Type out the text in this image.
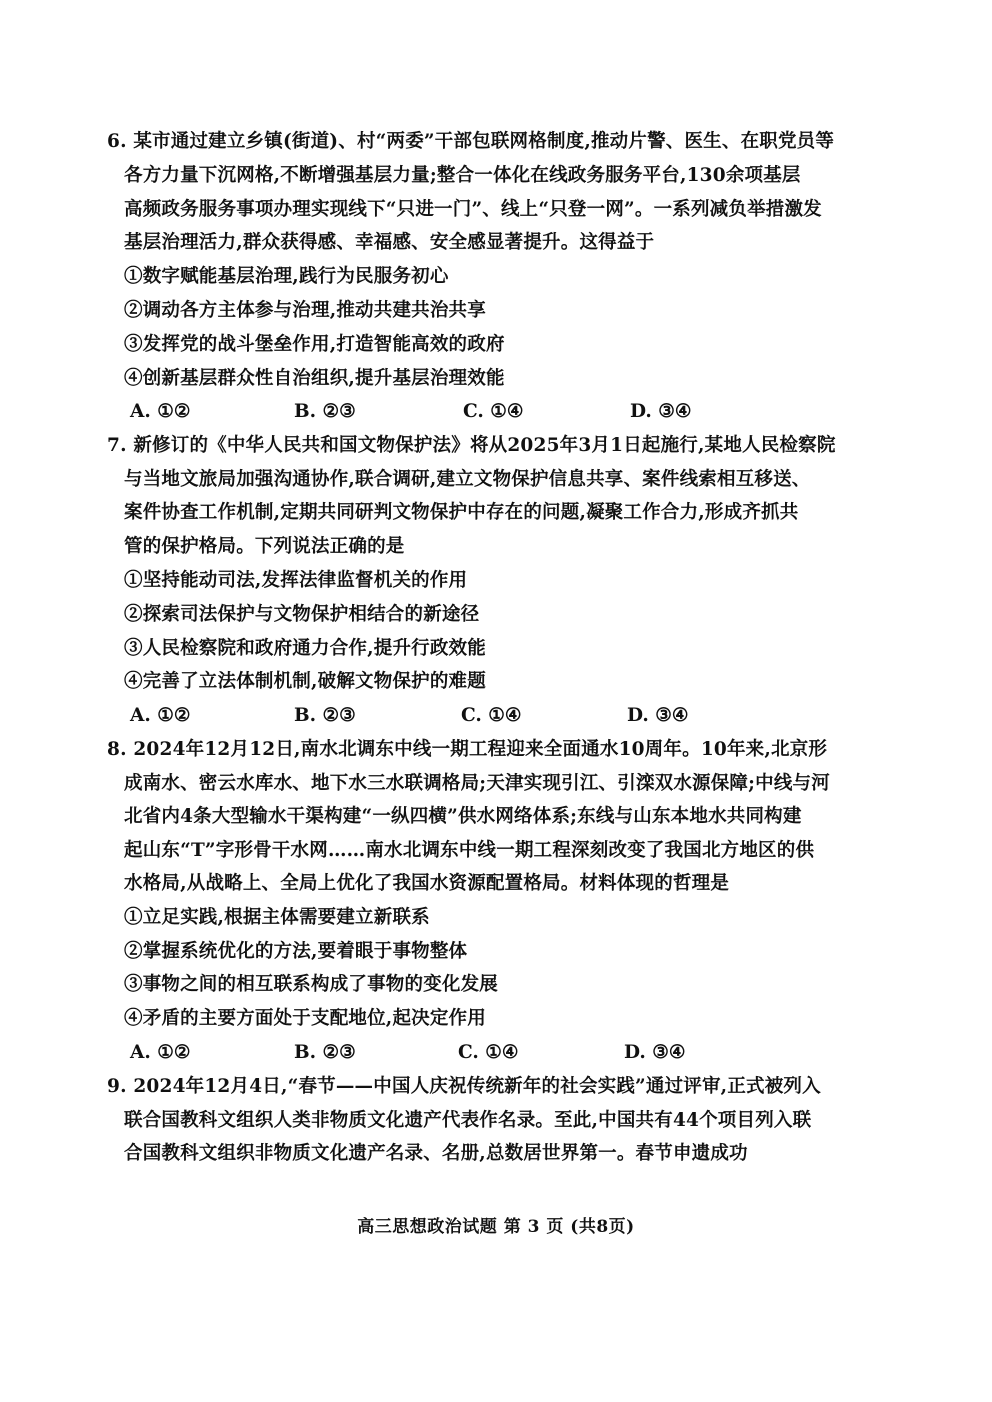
6. 某市通过建立乡镇(街道)、村“两委”干部包联网格制度,推动片警、医生、在职党员等
各方力量下沉网格,不断增强基层力量;整合一体化在线政务服务平台,130余项基层
高频政务服务事项办理实现线下“只进一门”、线上“只登一网”。一系列减负举措激发
基层治理活力,群众获得感、幸福感、安全感显著提升。这得益于
①数字赋能基层治理,践行为民服务初心
②调动各方主体参与治理,推动共建共治共享
③发挥党的战斗堡垒作用,打造智能高效的政府
④创新基层群众性自治组织,提升基层治理效能
A. ①②	B. ②③	C. ①④	D. ③④
7. 新修订的《中华人民共和国文物保护法》将从2025年3月1日起施行,某地人民检察院
与当地文旅局加强沟通协作,联合调研,建立文物保护信息共享、案件线索相互移送、
案件协查工作机制,定期共同研判文物保护中存在的问题,凝聚工作合力,形成齐抓共
管的保护格局。下列说法正确的是
①坚持能动司法,发挥法律监督机关的作用
②探索司法保护与文物保护相结合的新途径
③人民检察院和政府通力合作,提升行政效能
④完善了立法体制机制,破解文物保护的难题
A. ①②	B. ②③	C. ①④	D. ③④
8. 2024年12月12日,南水北调东中线一期工程迎来全面通水10周年。10年来,北京形
成南水、密云水库水、地下水三水联调格局;天津实现引江、引滦双水源保障;中线与河
北省内4条大型输水干渠构建“一纵四横”供水网络体系;东线与山东本地水共同构建
起山东“T”字形骨干水网……南水北调东中线一期工程深刻改变了我国北方地区的供
水格局,从战略上、全局上优化了我国水资源配置格局。材料体现的哲理是
①立足实践,根据主体需要建立新联系
②掌握系统优化的方法,要着眼于事物整体
③事物之间的相互联系构成了事物的变化发展
④矛盾的主要方面处于支配地位,起决定作用
A. ①②	B. ②③	C. ①④	D. ③④
9. 2024年12月4日,“春节——中国人庆祝传统新年的社会实践”通过评审,正式被列入
联合国教科文组织人类非物质文化遗产代表作名录。至此,中国共有44个项目列入联
合国教科文组织非物质文化遗产名录、名册,总数居世界第一。春节申遗成功
高三思想政治试题 第 3 页 (共8页)
